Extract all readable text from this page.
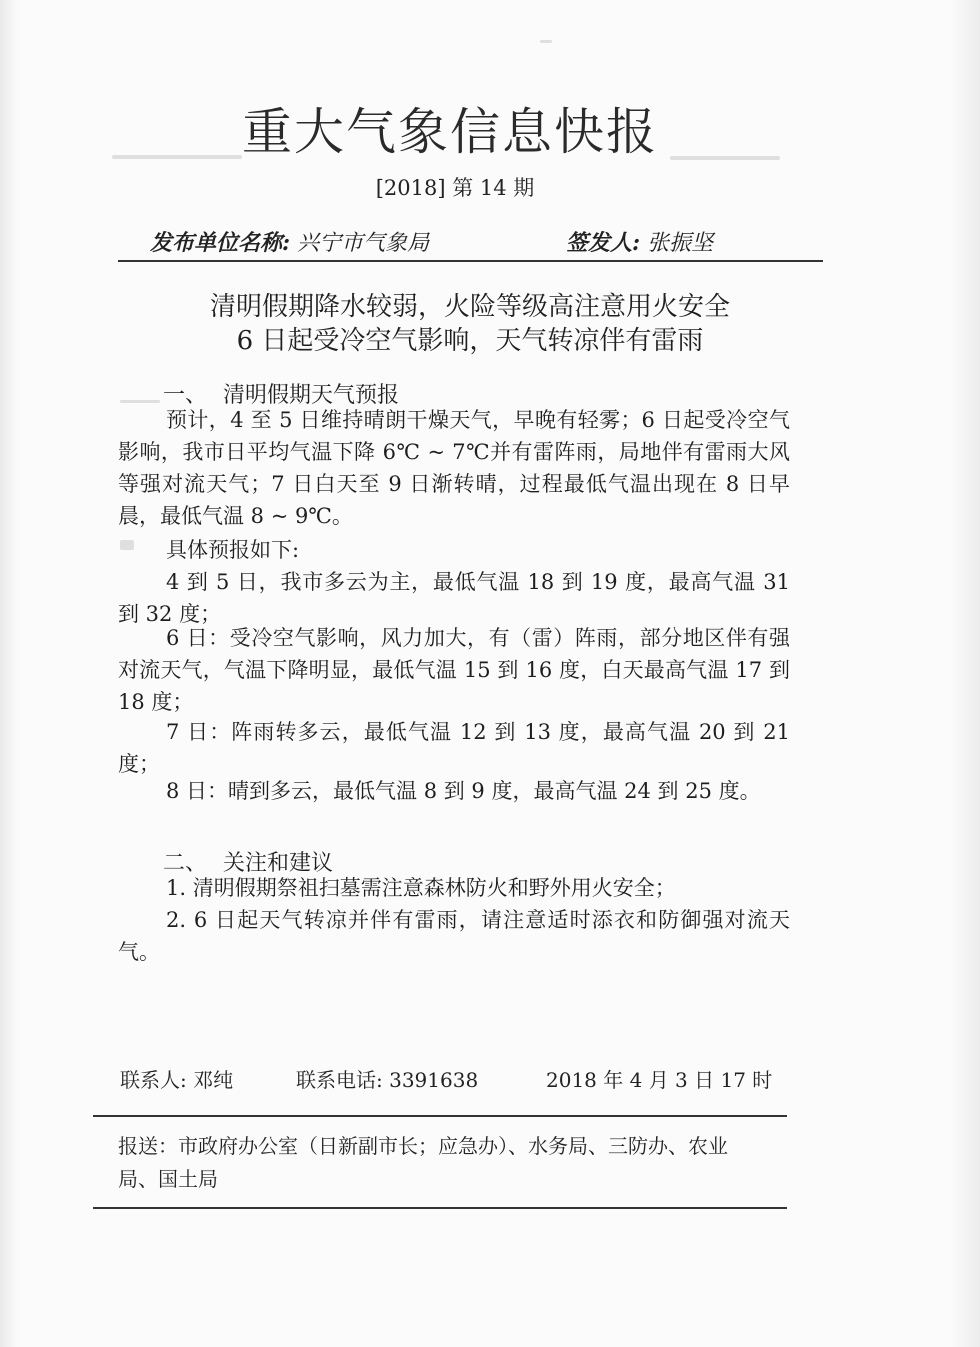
重大气象信息快报
[2018] 第 14 期
发布单位名称: 兴宁市气象局	签发人: 张振坚
清明假期降水较弱，火险等级高注意用火安全
6 日起受冷空气影响，天气转凉伴有雷雨
一、 清明假期天气预报
预计，4 至 5 日维持晴朗干燥天气，早晚有轻雾；6 日起受冷空气影响，我市日平均气温下降 6℃ ~ 7℃并有雷阵雨，局地伴有雷雨大风等强对流天气；7 日白天至 9 日渐转晴，过程最低气温出现在 8 日早晨，最低气温 8 ~ 9℃。
具体预报如下:
4 到 5 日，我市多云为主，最低气温 18 到 19 度，最高气温 31 到 32 度；
6 日：受冷空气影响，风力加大，有（雷）阵雨，部分地区伴有强对流天气，气温下降明显，最低气温 15 到 16 度，白天最高气温 17 到 18 度；
7 日：阵雨转多云，最低气温 12 到 13 度，最高气温 20 到 21 度；
8 日：晴到多云，最低气温 8 到 9 度，最高气温 24 到 25 度。
二、 关注和建议
1. 清明假期祭祖扫墓需注意森林防火和野外用火安全；
2. 6 日起天气转凉并伴有雷雨，请注意适时添衣和防御强对流天气。
联系人: 邓纯	联系电话: 3391638	2018 年 4 月 3 日 17 时
报送：市政府办公室（日新副市长；应急办）、水务局、三防办、农业局、国土局
